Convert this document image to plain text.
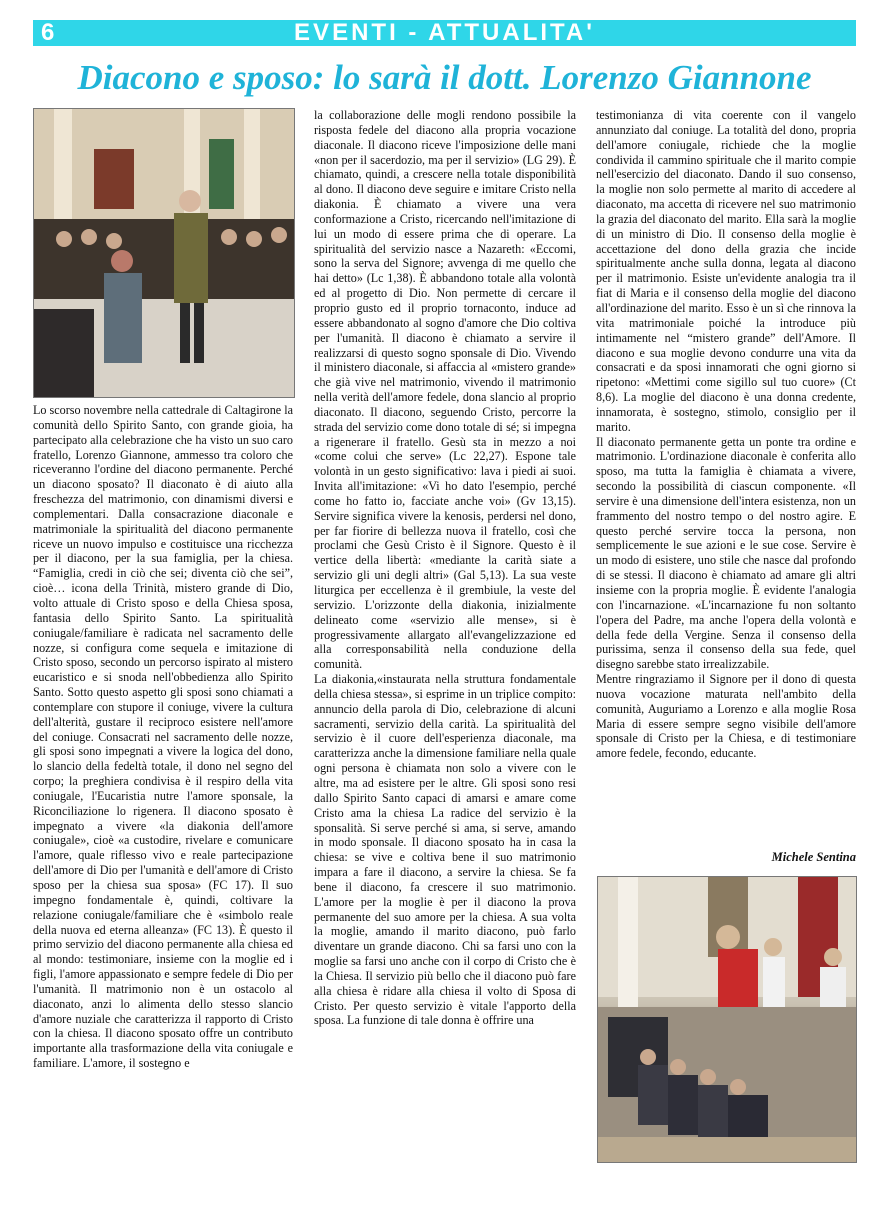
6	EVENTI - ATTUALITA'
Diacono e sposo: lo sarà il dott. Lorenzo Giannone

Lo scorso novembre nella cattedrale di Caltagirone la comunità dello Spirito Santo, con grande gioia, ha partecipato alla celebrazione che ha visto un suo caro fratello, Lorenzo Giannone, ammesso tra coloro che riceveranno l'ordine del diacono permanente. Perché un diacono sposato? Il diaconato è di aiuto alla freschezza del matrimonio, con dinamismi diversi e complementari. Dalla consacrazione diaconale e matrimoniale la spiritualità del diacono permanente riceve un nuovo impulso e costituisce una ricchezza per il diacono, per la sua famiglia, per la chiesa. “Famiglia, credi in ciò che sei; diventa ciò che sei”, cioè… icona della Trinità, mistero grande di Dio, volto attuale di Cristo sposo e della Chiesa sposa, fantasia dello Spirito Santo. La spiritualità coniugale/familiare è radicata nel sacramento delle nozze, si configura come sequela e imitazione di Cristo sposo, secondo un percorso ispirato al mistero eucaristico e si snoda nell'obbedienza allo Spirito Santo. Sotto questo aspetto gli sposi sono chiamati a contemplare con stupore il coniuge, vivere la cultura dell'alterità, gustare il reciproco esistere nell'amore del coniuge. Consacrati nel sacramento delle nozze, gli sposi sono impegnati a vivere la logica del dono, lo slancio della fedeltà totale, il dono nel segno del corpo; la preghiera condivisa è il respiro della vita coniugale, l'Eucaristia nutre l'amore sponsale, la Riconciliazione lo rigenera. Il diacono sposato è impegnato a vivere «la diakonia dell'amore coniugale», cioè «a custodire, rivelare e comunicare l'amore, quale riflesso vivo e reale partecipazione dell'amore di Dio per l'umanità e dell'amore di Cristo sposo per la chiesa sua sposa» (FC 17). Il suo impegno fondamentale è, quindi, coltivare la relazione coniugale/familiare che è «simbolo reale della nuova ed eterna alleanza» (FC 13). È questo il primo servizio del diacono permanente alla chiesa ed al mondo: testimoniare, insieme con la moglie ed i figli, l'amore appassionato e sempre fedele di Dio per l'umanità. Il matrimonio non è un ostacolo al diaconato, anzi lo alimenta dello stesso slancio d'amore nuziale che caratterizza il rapporto di Cristo con la chiesa. Il diacono sposato offre un contributo importante alla trasformazione della vita coniugale e familiare. L'amore, il sostegno e

la collaborazione delle mogli rendono possibile la risposta fedele del diacono alla propria vocazione diaconale. Il diacono riceve l'imposizione delle mani «non per il sacerdozio, ma per il servizio» (LG 29). È chiamato, quindi, a crescere nella totale disponibilità al dono. Il diacono deve seguire e imitare Cristo nella diakonia. È chiamato a vivere una vera conformazione a Cristo, ricercando nell'imitazione di lui un modo di essere prima che di operare. La spiritualità del servizio nasce a Nazareth: «Eccomi, sono la serva del Signore; avvenga di me quello che hai detto» (Lc 1,38). È abbandono totale alla volontà ed al progetto di Dio. Non permette di cercare il proprio gusto ed il proprio tornaconto, induce ad essere abbandonato al sogno d'amore che Dio coltiva per l'umanità. Il diacono è chiamato a servire il realizzarsi di questo sogno sponsale di Dio. Vivendo il ministero diaconale, si affaccia al «mistero grande» che già vive nel matrimonio, vivendo il matrimonio nella verità dell'amore fedele, dona slancio al proprio diaconato. Il diacono, seguendo Cristo, percorre la strada del servizio come dono totale di sé; si impegna a rigenerare il fratello. Gesù sta in mezzo a noi «come colui che serve» (Lc 22,27). Espone tale volontà in un gesto significativo: lava i piedi ai suoi. Invita all'imitazione: «Vi ho dato l'esempio, perché come ho fatto io, facciate anche voi» (Gv 13,15). Servire significa vivere la kenosis, perdersi nel dono, per far fiorire di bellezza nuova il fratello, così che proclami che Gesù Cristo è il Signore. Questo è il vertice della libertà: «mediante la carità siate a servizio gli uni degli altri» (Gal 5,13). La sua veste liturgica per eccellenza è il grembiule, la veste del servizio. L'orizzonte della diakonia, inizialmente delineato come «servizio alle mense», si è progressivamente allargato all'evangelizzazione ed alla corresponsabilità nella conduzione della comunità.

La diakonia,«instaurata nella struttura fondamentale della chiesa stessa», si esprime in un triplice compito: annuncio della parola di Dio, celebrazione di alcuni sacramenti, servizio della carità. La spiritualità del servizio è il cuore dell'esperienza diaconale, ma caratterizza anche la dimensione familiare nella quale ogni persona è chiamata non solo a vivere con le altre, ma ad esistere per le altre. Gli sposi sono resi dallo Spirito Santo capaci di amarsi e amare come Cristo ama la chiesa La radice del servizio è la sponsalità. Si serve perché si ama, si serve, amando in modo sponsale. Il diacono sposato ha in casa la chiesa: se vive e coltiva bene il suo matrimonio impara a fare il diacono, a servire la chiesa. Se fa bene il diacono, fa crescere il suo matrimonio. L'amore per la moglie è per il diacono la prova permanente del suo amore per la chiesa. A sua volta la moglie, amando il marito diacono, può farlo diventare un grande diacono. Chi sa farsi uno con la moglie sa farsi uno anche con il corpo di Cristo che è la Chiesa. Il servizio più bello che il diacono può fare alla chiesa è ridare alla chiesa il volto di Sposa di Cristo. Per questo servizio è vitale l'apporto della sposa. La funzione di tale donna è offrire una

testimonianza di vita coerente con il vangelo annunziato dal coniuge. La totalità del dono, propria dell'amore coniugale, richiede che la moglie condivida il cammino spirituale che il marito compie nell'esercizio del diaconato. Dando il suo consenso, la moglie non solo permette al marito di accedere al diaconato, ma accetta di ricevere nel suo matrimonio la grazia del diaconato del marito. Ella sarà la moglie di un ministro di Dio. Il consenso della moglie è accettazione del dono della grazia che incide spiritualmente anche sulla donna, legata al diacono per il matrimonio. Esiste un'evidente analogia tra il fiat di Maria e il consenso della moglie del diacono all'ordinazione del marito. Esso è un sì che rinnova la vita matrimoniale poiché la introduce più intimamente nel “mistero grande” dell'Amore. Il diacono e sua moglie devono condurre una vita da consacrati e da sposi innamorati che ogni giorno si ripetono: «Mettimi come sigillo sul tuo cuore» (Ct 8,6). La moglie del diacono è una donna credente, innamorata, è sostegno, stimolo, consiglio per il marito.

Il diaconato permanente getta un ponte tra ordine e matrimonio. L'ordinazione diaconale è conferita allo sposo, ma tutta la famiglia è chiamata a vivere, secondo la possibilità di ciascun componente. «Il servire è una dimensione dell'intera esistenza, non un frammento del nostro tempo o del nostro agire. E questo perché servire tocca la persona, non semplicemente le sue azioni e le sue cose. Servire è un modo di esistere, uno stile che nasce dal profondo di se stessi. Il diacono è chiamato ad amare gli altri insieme con la propria moglie. È evidente l'analogia con l'incarnazione. «L'incarnazione fu non soltanto l'opera del Padre, ma anche l'opera della volontà e della fede della Vergine. Senza il consenso della purissima, senza il consenso della sua fede, quel disegno sarebbe stato irrealizzabile.

Mentre ringraziamo il Signore per il dono di questa nuova vocazione maturata nell'ambito della comunità, Auguriamo a Lorenzo e alla moglie Rosa Maria di essere sempre segno visibile dell'amore sponsale di Cristo per la Chiesa, e di testimoniare amore fedele, fecondo, educante.

Michele Sentina
